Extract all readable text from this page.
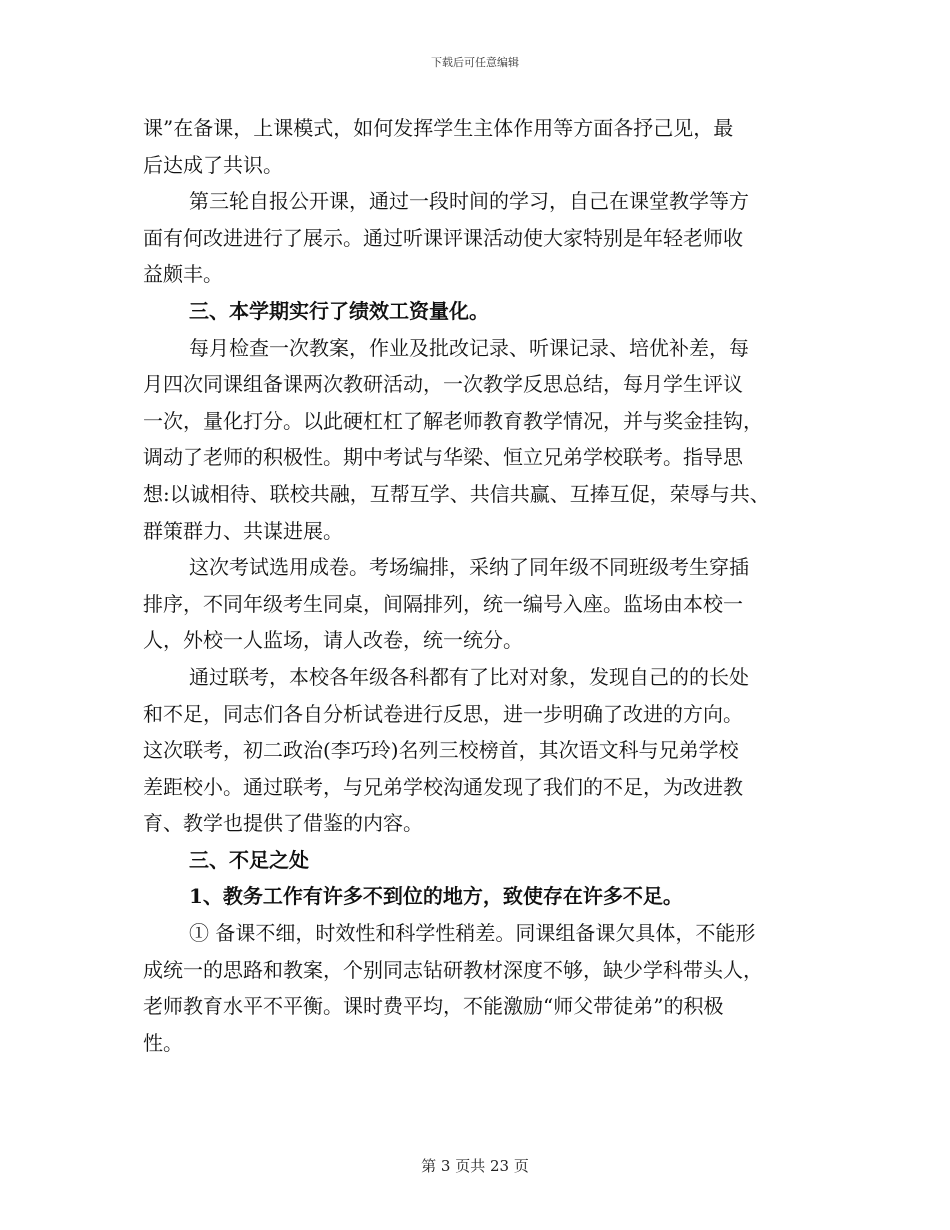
下载后可任意编辑
课”在备课，上课模式，如何发挥学生主体作用等方面各抒己见，最
后达成了共识。
第三轮自报公开课，通过一段时间的学习，自己在课堂教学等方
面有何改进进行了展示。通过听课评课活动使大家特别是年轻老师收
益颇丰。
三、本学期实行了绩效工资量化。
每月检查一次教案，作业及批改记录、听课记录、培优补差，每
月四次同课组备课两次教研活动，一次教学反思总结，每月学生评议
一次，量化打分。以此硬杠杠了解老师教育教学情况，并与奖金挂钩，
调动了老师的积极性。期中考试与华梁、恒立兄弟学校联考。指导思
想:以诚相待、联校共融，互帮互学、共信共赢、互捧互促，荣辱与共、
群策群力、共谋进展。
这次考试选用成卷。考场编排，采纳了同年级不同班级考生穿插
排序，不同年级考生同桌，间隔排列，统一编号入座。监场由本校一
人，外校一人监场，请人改卷，统一统分。
通过联考，本校各年级各科都有了比对对象，发现自己的的长处
和不足，同志们各自分析试卷进行反思，进一步明确了改进的方向。
这次联考，初二政治(李巧玲)名列三校榜首，其次语文科与兄弟学校
差距校小。通过联考，与兄弟学校沟通发现了我们的不足，为改进教
育、教学也提供了借鉴的内容。
三、不足之处
1、教务工作有许多不到位的地方，致使存在许多不足。
① 备课不细，时效性和科学性稍差。同课组备课欠具体，不能形
成统一的思路和教案，个别同志钻研教材深度不够，缺少学科带头人，
老师教育水平不平衡。课时费平均，不能激励“师父带徒弟”的积极
性。
第 3 页共 23 页
